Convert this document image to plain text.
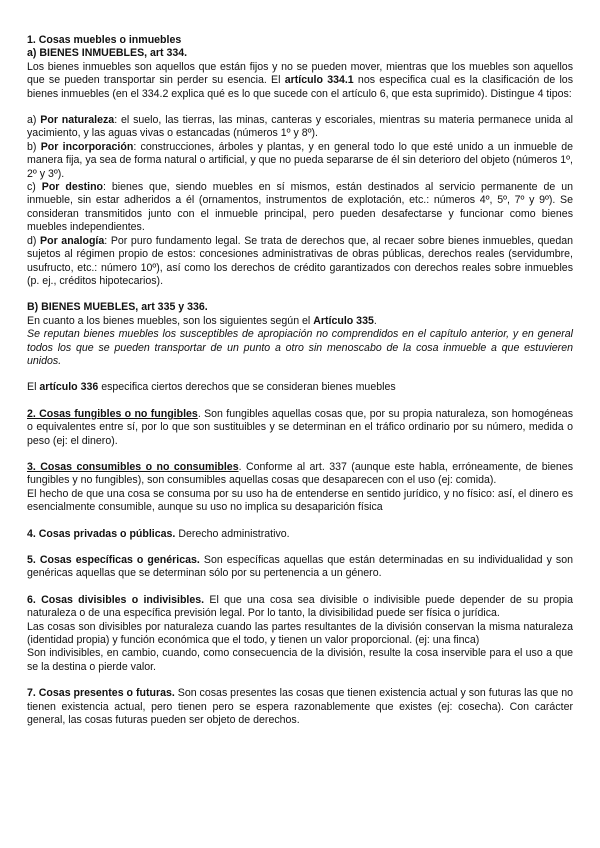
1. Cosas muebles o inmuebles

a) BIENES INMUEBLES, art 334.

Los bienes inmuebles son aquellos que están fijos y no se pueden mover, mientras que los muebles son aquellos que se pueden transportar sin perder su esencia. El artículo 334.1 nos especifica cual es la clasificación de los bienes inmuebles (en el 334.2 explica qué es lo que sucede con el artículo 6, que esta suprimido). Distingue 4 tipos:

a) Por naturaleza: el suelo, las tierras, las minas, canteras y escoriales, mientras su materia permanece unida al yacimiento, y las aguas vivas o estancadas (números 1º y 8º).

b) Por incorporación: construcciones, árboles y plantas, y en general todo lo que esté unido a un inmueble de manera fija, ya sea de forma natural o artificial, y que no pueda separarse de él sin deterioro del objeto (números 1º, 2º y 3º).

c) Por destino: bienes que, siendo muebles en sí mismos, están destinados al servicio permanente de un inmueble, sin estar adheridos a él (ornamentos, instrumentos de explotación, etc.: números 4º, 5º, 7º y 9º). Se consideran transmitidos junto con el inmueble principal, pero pueden desafectarse y funcionar como bienes muebles independientes.

d) Por analogía: Por puro fundamento legal. Se trata de derechos que, al recaer sobre bienes inmuebles, quedan sujetos al régimen propio de estos: concesiones administrativas de obras públicas, derechos reales (servidumbre, usufructo, etc.: número 10º), así como los derechos de crédito garantizados con derechos reales sobre inmuebles (p. ej., créditos hipotecarios).

B) BIENES MUEBLES, art 335 y 336.

En cuanto a los bienes muebles, son los siguientes según el Artículo 335.

Se reputan bienes muebles los susceptibles de apropiación no comprendidos en el capítulo anterior, y en general todos los que se pueden transportar de un punto a otro sin menoscabo de la cosa inmueble a que estuvieren unidos.

El artículo 336 especifica ciertos derechos que se consideran bienes muebles

2. Cosas fungibles o no fungibles. Son fungibles aquellas cosas que, por su propia naturaleza, son homogéneas o equivalentes entre sí, por lo que son sustituibles y se determinan en el tráfico ordinario por su número, medida o peso (ej: el dinero).

3. Cosas consumibles o no consumibles. Conforme al art. 337 (aunque este habla, erróneamente, de bienes fungibles y no fungibles), son consumibles aquellas cosas que desaparecen con el uso (ej: comida).

El hecho de que una cosa se consuma por su uso ha de entenderse en sentido jurídico, y no físico: así, el dinero es esencialmente consumible, aunque su uso no implica su desaparición física

4. Cosas privadas o públicas. Derecho administrativo.

5. Cosas específicas o genéricas. Son específicas aquellas que están determinadas en su individualidad y son genéricas aquellas que se determinan sólo por su pertenencia a un género.

6. Cosas divisibles o indivisibles. El que una cosa sea divisible o indivisible puede depender de su propia naturaleza o de una específica previsión legal. Por lo tanto, la divisibilidad puede ser física o jurídica.

Las cosas son divisibles por naturaleza cuando las partes resultantes de la división conservan la misma naturaleza (identidad propia) y función económica que el todo, y tienen un valor proporcional. (ej: una finca)

Son indivisibles, en cambio, cuando, como consecuencia de la división, resulte la cosa inservible para el uso a que se la destina o pierde valor.

7. Cosas presentes o futuras. Son cosas presentes las cosas que tienen existencia actual y son futuras las que no tienen existencia actual, pero tienen pero se espera razonablemente que existes (ej: cosecha). Con carácter general, las cosas futuras pueden ser objeto de derechos.
